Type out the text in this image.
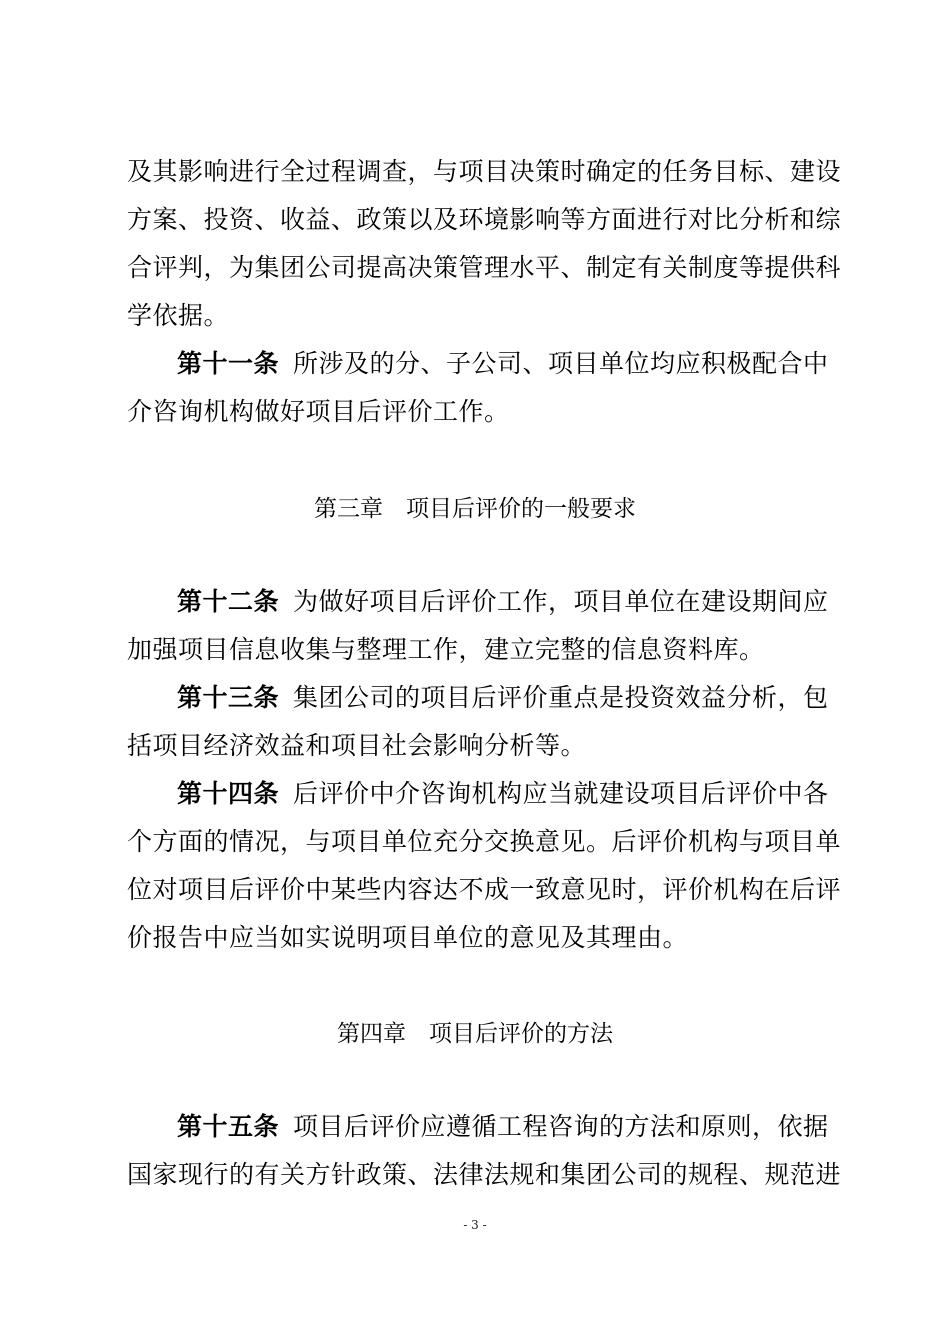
及其影响进行全过程调查，与项目决策时确定的任务目标、建设
方案、投资、收益、政策以及环境影响等方面进行对比分析和综
合评判，为集团公司提高决策管理水平、制定有关制度等提供科
学依据。
第十一条 所涉及的分、子公司、项目单位均应积极配合中
介咨询机构做好项目后评价工作。
第三章　项目后评价的一般要求
第十二条 为做好项目后评价工作，项目单位在建设期间应
加强项目信息收集与整理工作，建立完整的信息资料库。
第十三条 集团公司的项目后评价重点是投资效益分析，包
括项目经济效益和项目社会影响分析等。
第十四条 后评价中介咨询机构应当就建设项目后评价中各
个方面的情况，与项目单位充分交换意见。后评价机构与项目单
位对项目后评价中某些内容达不成一致意见时，评价机构在后评
价报告中应当如实说明项目单位的意见及其理由。
第四章　项目后评价的方法
第十五条 项目后评价应遵循工程咨询的方法和原则，依据
国家现行的有关方针政策、法律法规和集团公司的规程、规范进
- 3 -
